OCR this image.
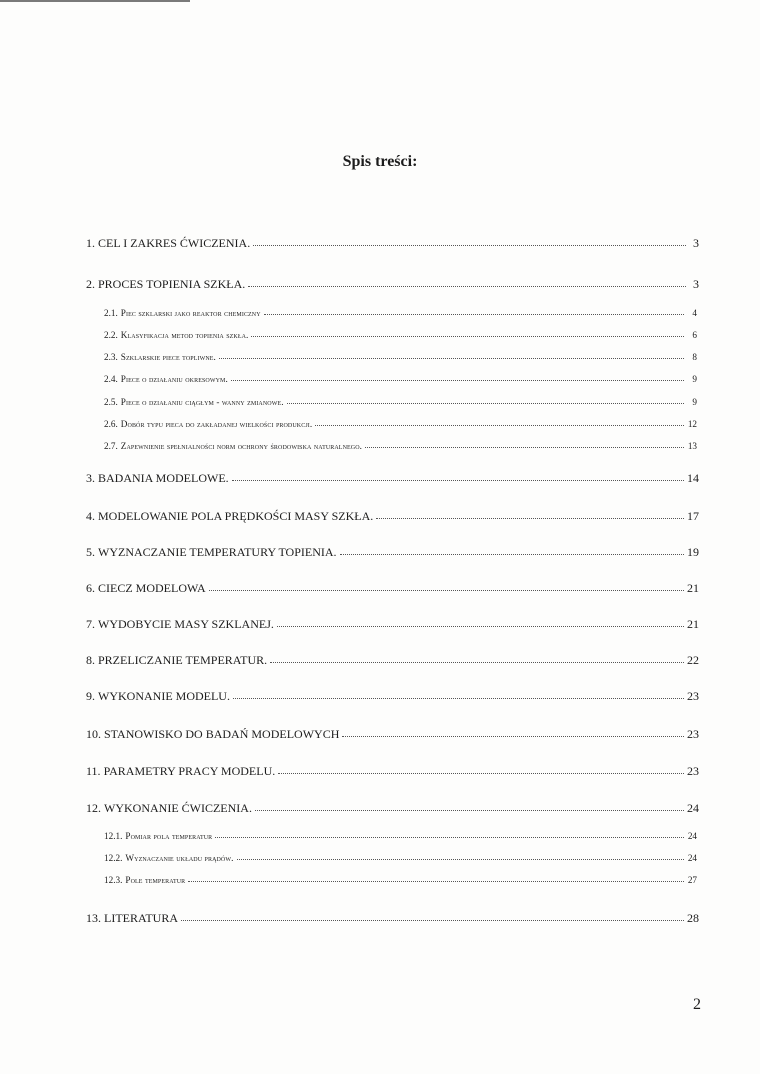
Spis treści:
1. CEL I ZAKRES ĆWICZENIA.	3
2. PROCES TOPIENIA SZKŁA.	3
2.1. Piec szklarski jako reaktor chemiczny	4
2.2. Klasyfikacja metod topienia szkła.	6
2.3. Szklarskie piece topliwne.	8
2.4. Piece o działaniu okresowym.	9
2.5. Piece o działaniu ciągłym - wanny zmianowe.	9
2.6. Dobór typu pieca do zakładanej wielkości produkcji.	12
2.7. Zapewnienie spełnialności norm ochrony środowiska naturalnego.	13
3. BADANIA MODELOWE.	14
4. MODELOWANIE POLA PRĘDKOŚCI MASY SZKŁA.	17
5. WYZNACZANIE TEMPERATURY TOPIENIA.	19
6. CIECZ MODELOWA	21
7. WYDOBYCIE MASY SZKLANEJ.	21
8. PRZELICZANIE TEMPERATUR.	22
9. WYKONANIE MODELU.	23
10. STANOWISKO DO BADAŃ MODELOWYCH	23
11. PARAMETRY PRACY MODELU.	23
12. WYKONANIE ĆWICZENIA.	24
12.1. Pomiar pola temperatur	24
12.2. Wyznaczanie układu prądów.	24
12.3. Pole temperatur	27
13. LITERATURA	28
2
